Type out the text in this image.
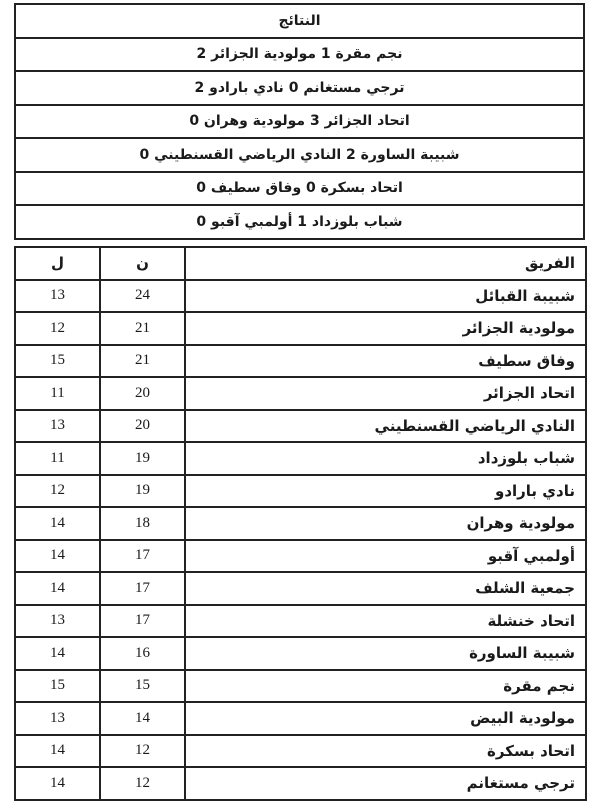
النتائج
نجم مقرة 1 مولودية الجزائر 2
ترجي مستغانم 0 نادي بارادو 2
اتحاد الجزائر 3 مولودية وهران 0
شبيبة الساورة 2 النادي الرياضي القسنطيني 0
اتحاد بسكرة 0 وفاق سطيف 0
شباب بلوزداد 1 أولمبي آقبو 0
الفريق	ن	ل
شبيبة القبائل	24	13
مولودية الجزائر	21	12
وفاق سطيف	21	15
اتحاد الجزائر	20	11
النادي الرياضي القسنطيني	20	13
شباب بلوزداد	19	11
نادي بارادو	19	12
مولودية وهران	18	14
أولمبي آقبو	17	14
جمعية الشلف	17	14
اتحاد خنشلة	17	13
شبيبة الساورة	16	14
نجم مقرة	15	15
مولودية البيض	14	13
اتحاد بسكرة	12	14
ترجي مستغانم	12	14
